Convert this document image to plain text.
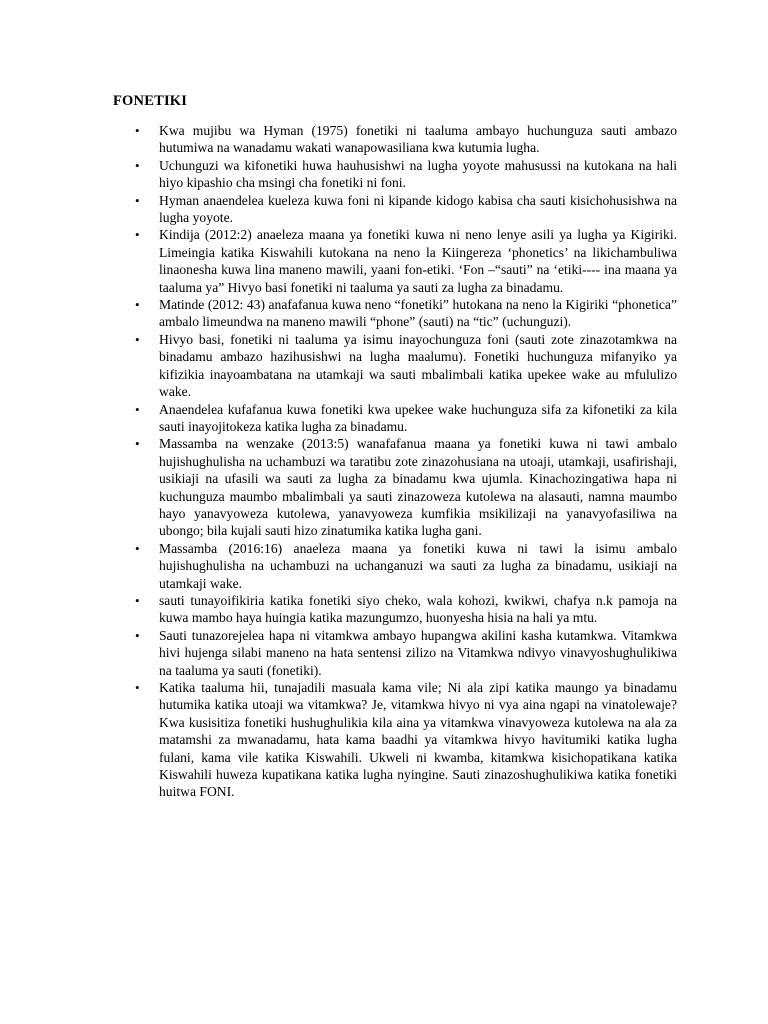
FONETIKI
• Kwa mujibu wa Hyman (1975) fonetiki ni taaluma ambayo huchunguza sauti ambazo hutumiwa na wanadamu wakati wanapowasiliana kwa kutumia lugha.
• Uchunguzi wa kifonetiki huwa hauhusishwi na lugha yoyote mahusussi na kutokana na hali hiyo kipashio cha msingi cha fonetiki ni foni.
• Hyman anaendelea kueleza kuwa foni ni kipande kidogo kabisa cha sauti kisichohusishwa na lugha yoyote.
• Kindija (2012:2) anaeleza maana ya fonetiki kuwa ni neno lenye asili ya lugha ya Kigiriki. Limeingia katika Kiswahili kutokana na neno la Kiingereza ‘phonetics’ na likichambuliwa linaonesha kuwa lina maneno mawili, yaani fon-etiki. ‘Fon –“sauti” na ‘etiki---- ina maana ya taaluma ya” Hivyo basi fonetiki ni taaluma ya sauti za lugha za binadamu.
• Matinde (2012: 43) anafafanua kuwa neno “fonetiki” hutokana na neno la Kigiriki “phonetica” ambalo limeundwa na maneno mawili “phone” (sauti) na “tic” (uchunguzi).
• Hivyo basi, fonetiki ni taaluma ya isimu inayochunguza foni (sauti zote zinazotamkwa na binadamu ambazo hazihusishwi na lugha maalumu). Fonetiki huchunguza mifanyiko ya kifizikia inayoambatana na utamkaji wa sauti mbalimbali katika upekee wake au mfululizo wake.
• Anaendelea kufafanua kuwa fonetiki kwa upekee wake huchunguza sifa za kifonetiki za kila sauti inayojitokeza katika lugha za binadamu.
• Massamba na wenzake (2013:5) wanafafanua maana ya fonetiki kuwa ni tawi ambalo hujishughulisha na uchambuzi wa taratibu zote zinazohusiana na utoaji, utamkaji, usafirishaji, usikiaji na ufasili wa sauti za lugha za binadamu kwa ujumla. Kinachozingatiwa hapa ni kuchunguza maumbo mbalimbali ya sauti zinazoweza kutolewa na alasauti, namna maumbo hayo yanavyoweza kutolewa, yanavyoweza kumfikia msikilizaji na yanavyofasiliwa na ubongo; bila kujali sauti hizo zinatumika katika lugha gani.
• Massamba (2016:16) anaeleza maana ya fonetiki kuwa ni tawi la isimu ambalo hujishughulisha na uchambuzi na uchanganuzi wa sauti za lugha za binadamu, usikiaji na utamkaji wake.
• sauti tunayoifikiria katika fonetiki siyo cheko, wala kohozi, kwikwi, chafya n.k pamoja na kuwa mambo haya huingia katika mazungumzo, huonyesha hisia na hali ya mtu.
• Sauti tunazorejelea hapa ni vitamkwa ambayo hupangwa akilini kasha kutamkwa. Vitamkwa hivi hujenga silabi maneno na hata sentensi zilizo na Vitamkwa ndivyo vinavyoshughulikiwa na taaluma ya sauti (fonetiki).
• Katika taaluma hii, tunajadili masuala kama vile; Ni ala zipi katika maungo ya binadamu hutumika katika utoaji wa vitamkwa? Je, vitamkwa hivyo ni vya aina ngapi na vinatolewaje? Kwa kusisitiza fonetiki hushughulikia kila aina ya vitamkwa vinavyoweza kutolewa na ala za matamshi za mwanadamu, hata kama baadhi ya vitamkwa hivyo havitumiki katika lugha fulani, kama vile katika Kiswahili. Ukweli ni kwamba, kitamkwa kisichopatikana katika Kiswahili huweza kupatikana katika lugha nyingine. Sauti zinazoshughulikiwa katika fonetiki huitwa FONI.
